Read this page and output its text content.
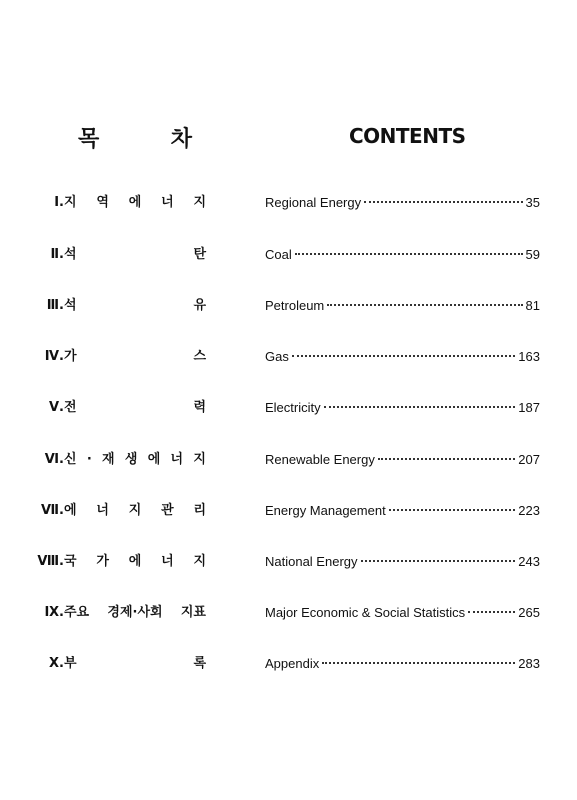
목	차	CONTENTS
Ⅰ. 지 역 에 너 지	Regional Energy	35
Ⅱ. 석	탄	Coal	59
Ⅲ. 석	유	Petroleum	81
Ⅳ. 가	스	Gas	163
Ⅴ. 전	력	Electricity	187
Ⅵ. 신 · 재 생 에 너 지	Renewable Energy	207
Ⅶ. 에 너 지 관 리	Energy Management	223
Ⅷ. 국 가 에 너 지	National Energy	243
Ⅸ. 주요 경제·사회 지표	Major Economic & Social Statistics	265
Ⅹ. 부	록	Appendix	283
